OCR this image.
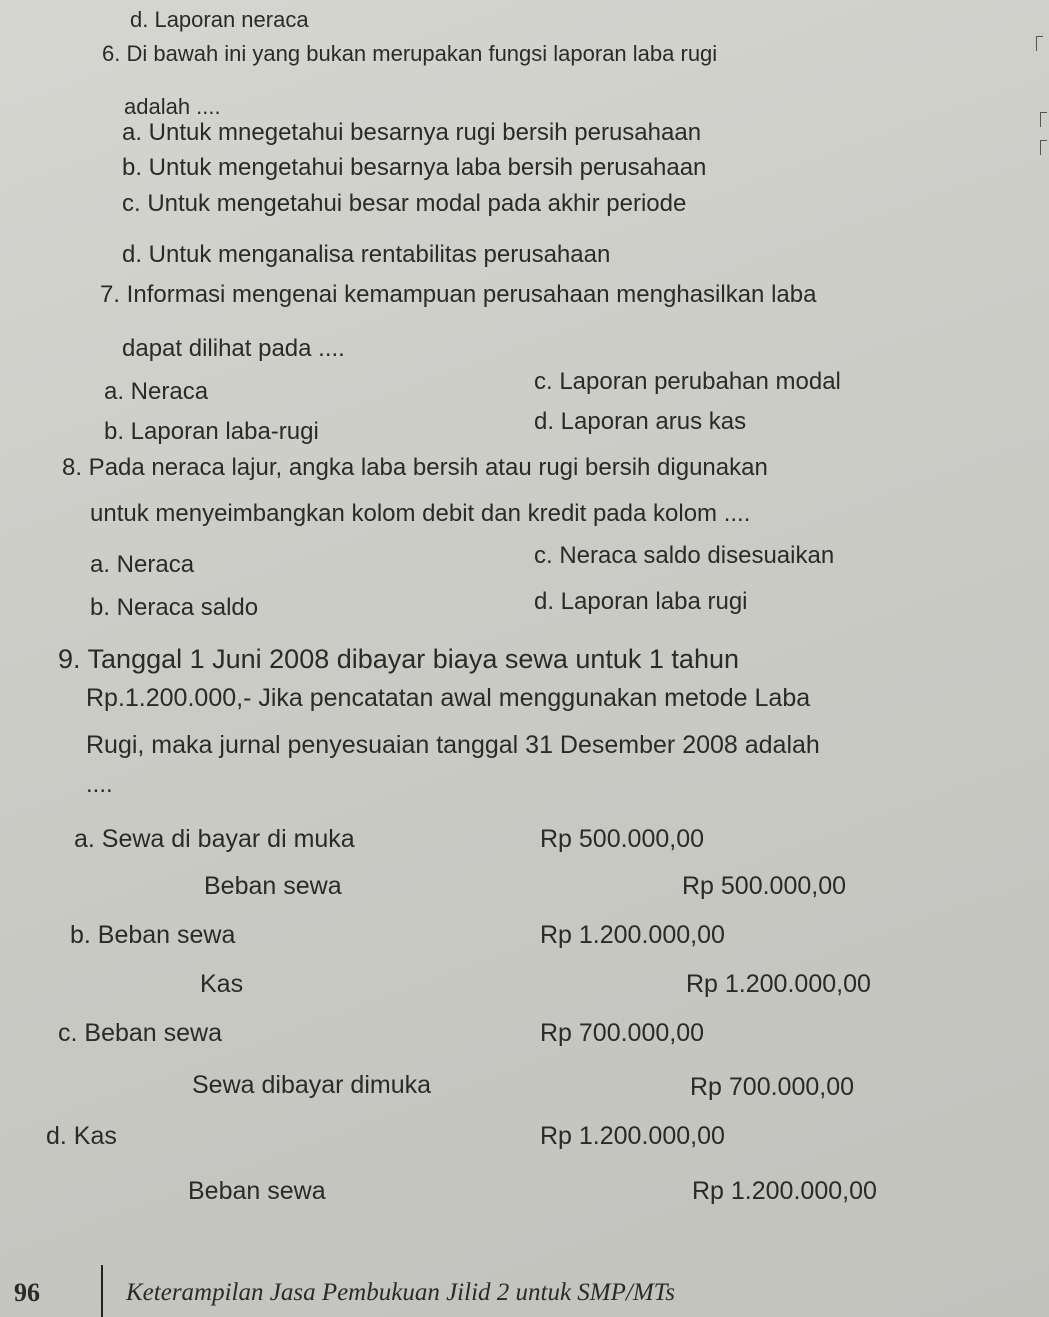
d. Laporan neraca
6. Di bawah ini yang bukan merupakan fungsi laporan laba rugi
adalah ....
a. Untuk mnegetahui besarnya rugi bersih perusahaan
b. Untuk mengetahui besarnya laba bersih perusahaan
c. Untuk mengetahui besar modal pada akhir periode
d. Untuk menganalisa rentabilitas perusahaan
7. Informasi mengenai kemampuan perusahaan menghasilkan laba
dapat dilihat pada ....
a. Neraca	c. Laporan perubahan modal
b. Laporan laba-rugi	d. Laporan arus kas
8. Pada neraca lajur, angka laba bersih atau rugi bersih digunakan
untuk menyeimbangkan kolom debit dan kredit pada kolom ....
a. Neraca	c. Neraca saldo disesuaikan
b. Neraca saldo	d. Laporan laba rugi
9. Tanggal 1 Juni 2008 dibayar biaya sewa untuk 1 tahun
Rp.1.200.000,- Jika pencatatan awal menggunakan metode Laba
Rugi, maka jurnal penyesuaian tanggal 31 Desember 2008 adalah
....
a. Sewa di bayar di muka	Rp 500.000,00
Beban sewa	Rp 500.000,00
b. Beban sewa	Rp 1.200.000,00
Kas	Rp 1.200.000,00
c. Beban sewa	Rp 700.000,00
Sewa dibayar dimuka	Rp 700.000,00
d. Kas	Rp 1.200.000,00
Beban sewa	Rp 1.200.000,00
96	Keterampilan Jasa Pembukuan Jilid 2 untuk SMP/MTs
